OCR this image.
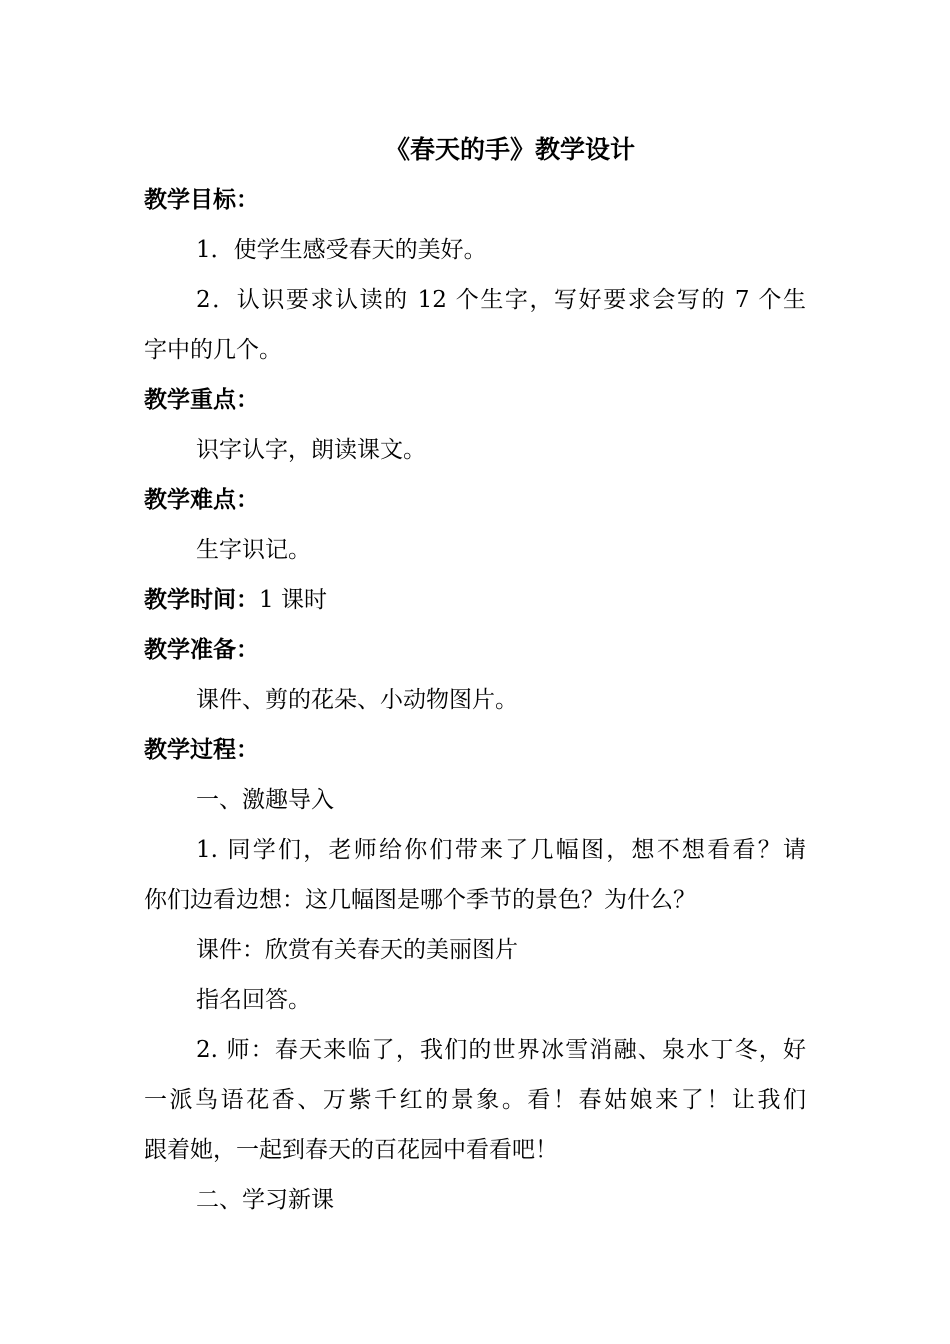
《春天的手》教学设计
教学目标：
1．使学生感受春天的美好。
2．认识要求认读的 12 个生字，写好要求会写的 7 个生
字中的几个。
教学重点：
识字认字，朗读课文。
教学难点：
生字识记。
教学时间：1 课时
教学准备：
课件、剪的花朵、小动物图片。
教学过程：
一、激趣导入
1. 同学们，老师给你们带来了几幅图，想不想看看？请
你们边看边想：这几幅图是哪个季节的景色？为什么？
课件：欣赏有关春天的美丽图片
指名回答。
2. 师：春天来临了，我们的世界冰雪消融、泉水丁冬，好
一派鸟语花香、万紫千红的景象。看！春姑娘来了！让我们
跟着她，一起到春天的百花园中看看吧！
二、学习新课
